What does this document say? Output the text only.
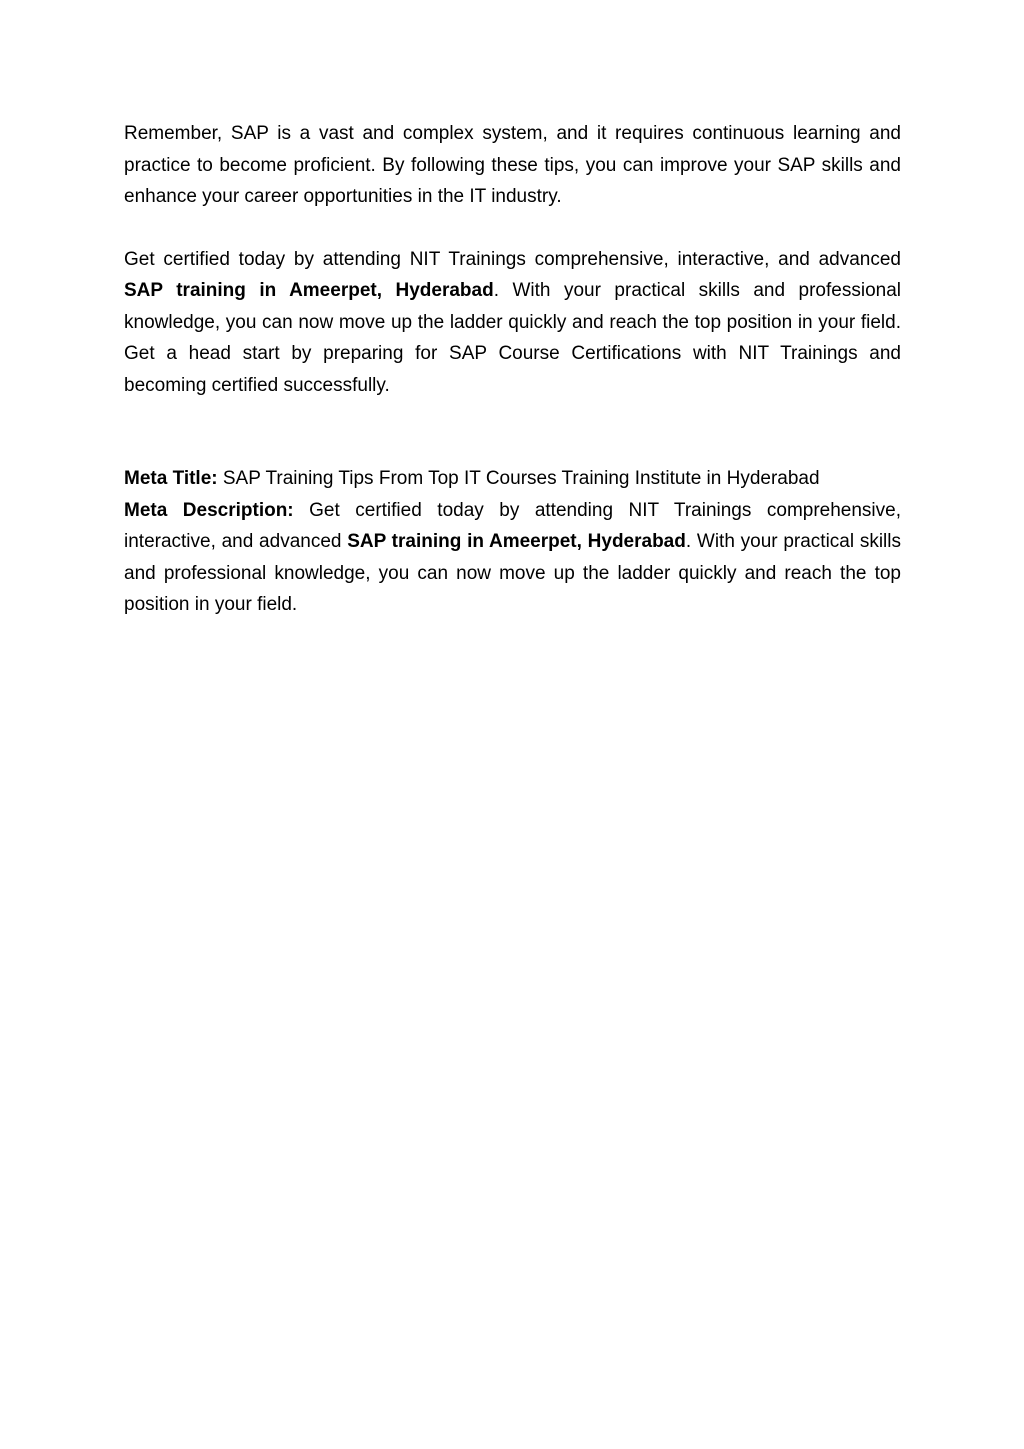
Remember, SAP is a vast and complex system, and it requires continuous learning and practice to become proficient. By following these tips, you can improve your SAP skills and enhance your career opportunities in the IT industry.

Get certified today by attending NIT Trainings comprehensive, interactive, and advanced SAP training in Ameerpet, Hyderabad. With your practical skills and professional knowledge, you can now move up the ladder quickly and reach the top position in your field. Get a head start by preparing for SAP Course Certifications with NIT Trainings and becoming certified successfully.

Meta Title: SAP Training Tips From Top IT Courses Training Institute in Hyderabad

Meta Description: Get certified today by attending NIT Trainings comprehensive, interactive, and advanced SAP training in Ameerpet, Hyderabad. With your practical skills and professional knowledge, you can now move up the ladder quickly and reach the top position in your field.
